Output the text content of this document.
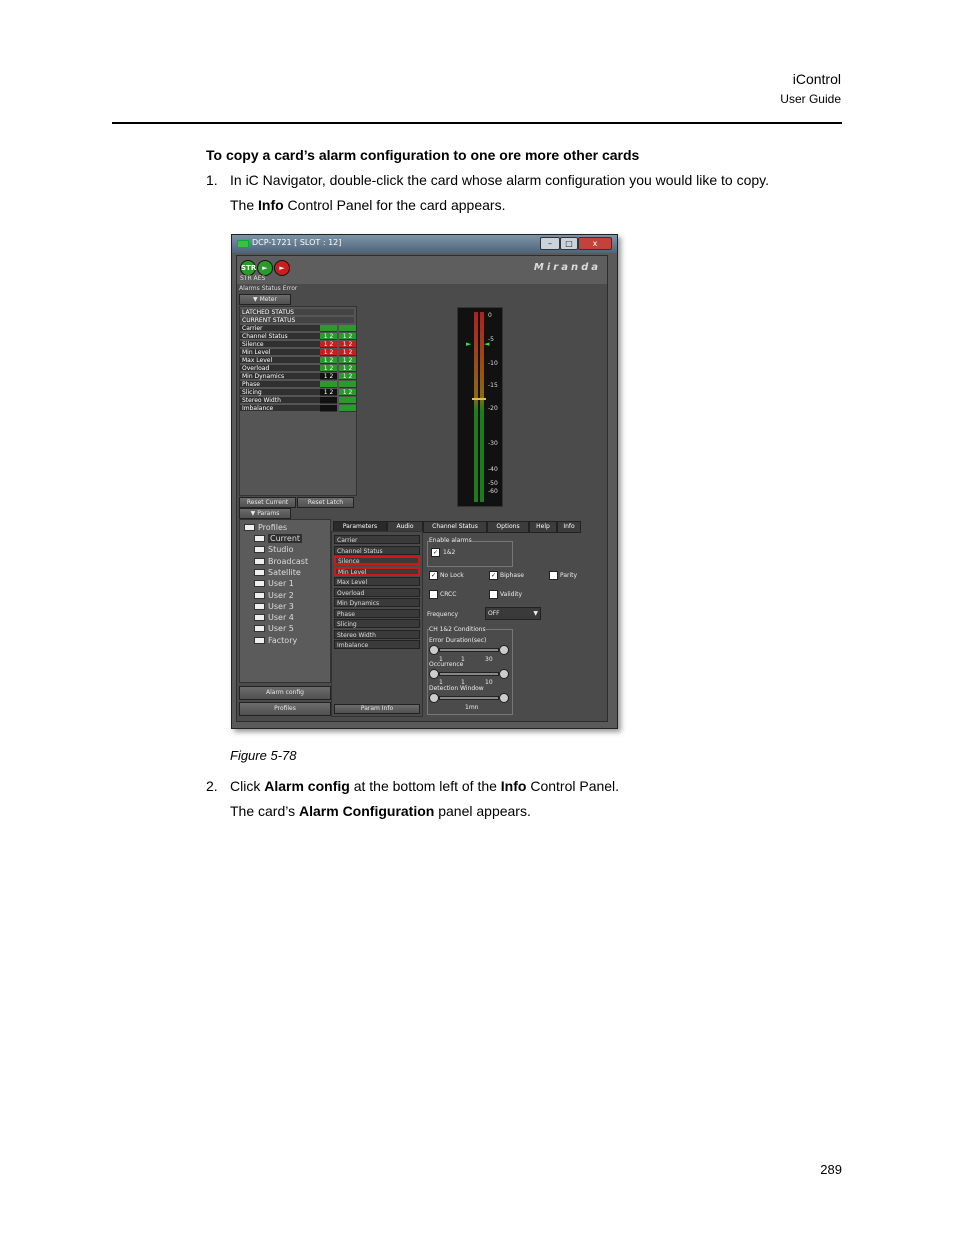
iControl
User Guide
To copy a card’s alarm configuration to one ore more other cards
1. In iC Navigator, double-click the card whose alarm configuration you would like to copy.
The Info Control Panel for the card appears.
DCP-1721 [ SLOT : 12]	–	□	x
STR ►	►
STR AES
Miranda
Alarms Status Error
▼ Meter
LATCHED STATUS
CURRENT STATUS
Carrier
Channel Status	1 2	1 2
Silence	1 2	1 2
Min Level	1 2	1 2
Max Level	1 2	1 2
Overload	1 2	1 2
Min Dynamics	1 2	1 2
Phase
Slicing	1 2	1 2
Stereo Width
Imbalance
► ◄
0
-5
-10
-15
-20
-30
-40
-50
-60
Reset Current	Reset Latch
▼ Params
Profiles
Current
Studio
Broadcast
Satellite
User 1
User 2
User 3
User 4
User 5
Factory
Alarm config
Profiles
Parameters	Audio	Channel Status	Options	Help	Info
Carrier
Channel Status
Silence
Min Level
Max Level
Overload
Min Dynamics
Phase
Slicing
Stereo Width
Imbalance
Param Info
Enable alarms
✓ 1&2
✓ No Lock	✓ Biphase	Parity
CRCC	Validity
Frequency	OFF	▼
CH 1&2 Conditions
Error Duration(sec)
1	1	30
Occurrence
1	1	10
Detection Window
1mn
Figure 5-78
2. Click Alarm config at the bottom left of the Info Control Panel.
The card’s Alarm Configuration panel appears.
289
